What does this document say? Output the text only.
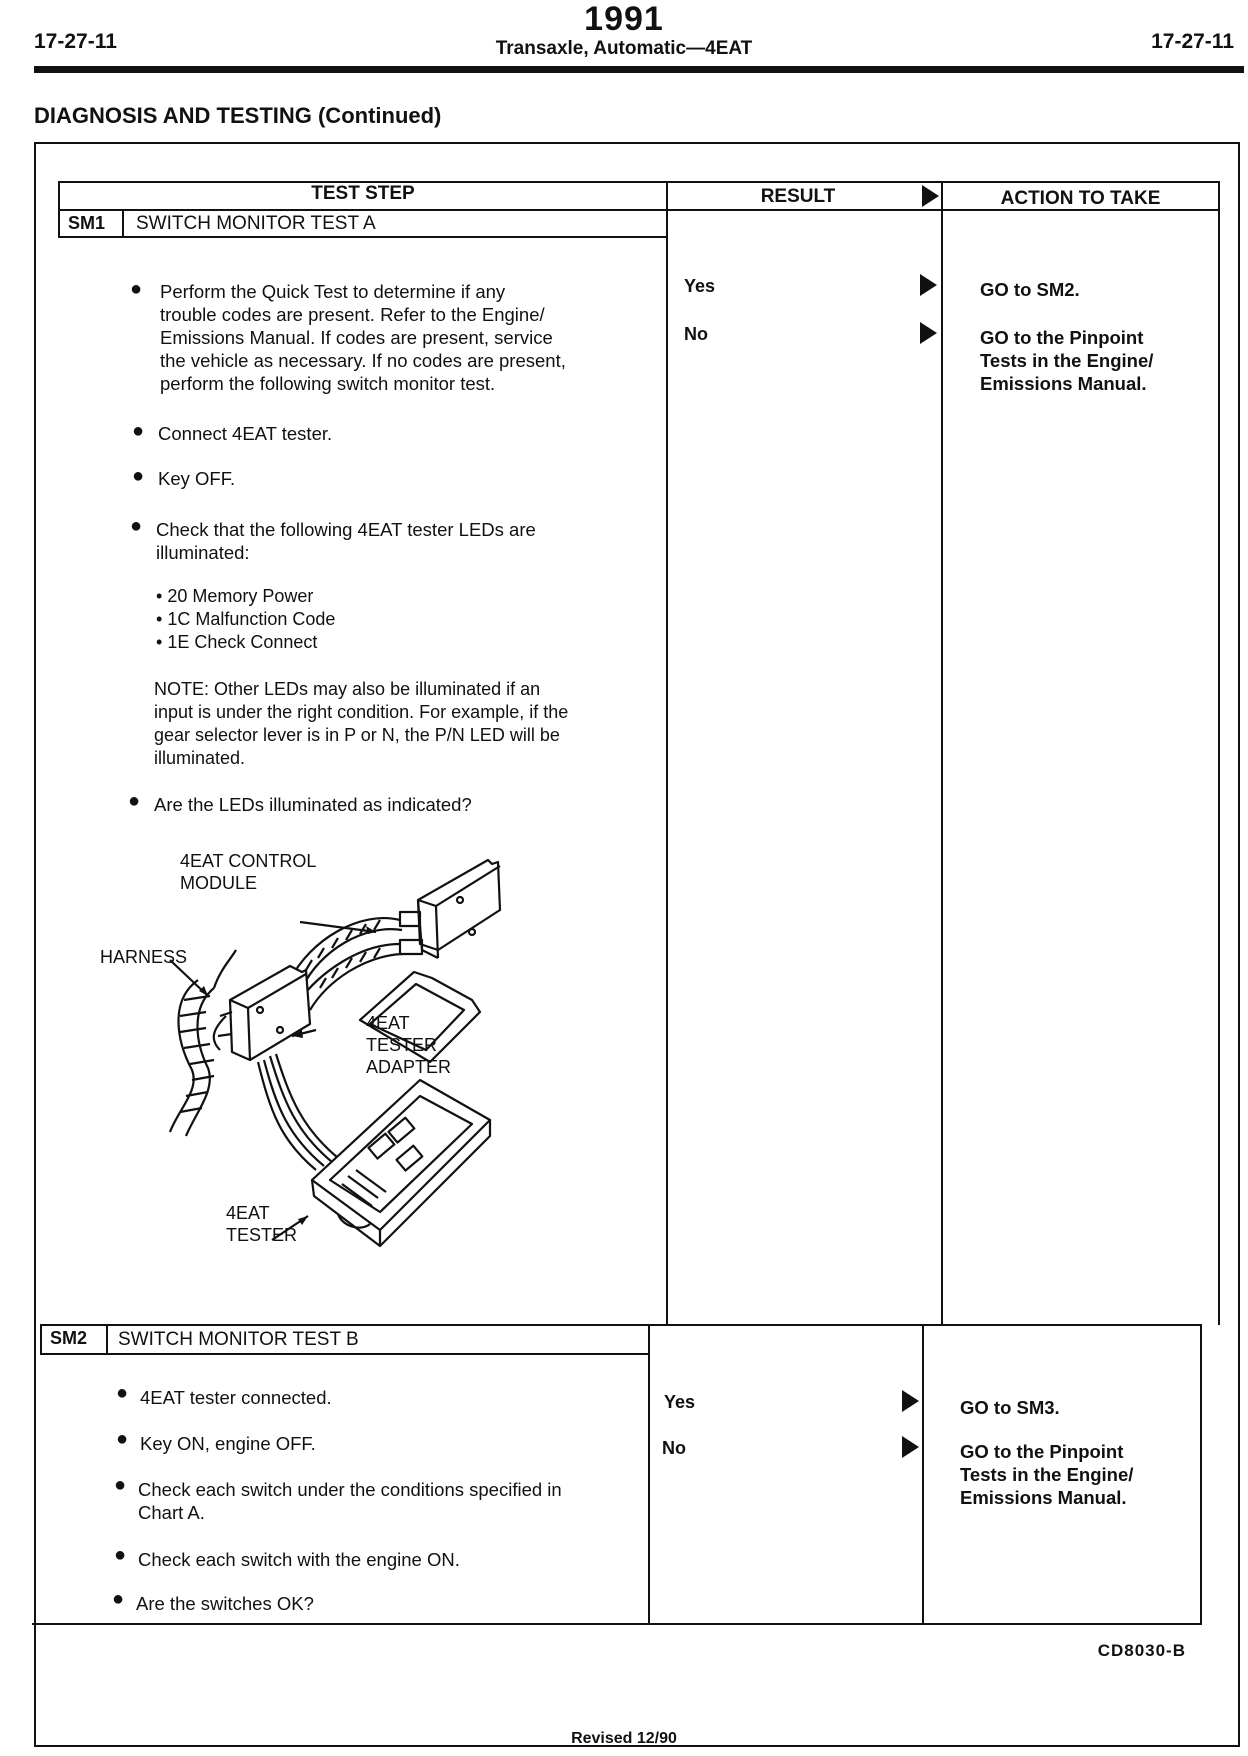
17-27-11
1991
Transaxle, Automatic—4EAT	17-27-11
DIAGNOSIS AND TESTING (Continued)
TEST STEP	RESULT	ACTION TO TAKE
SM1 SWITCH MONITOR TEST A
● Perform the Quick Test to determine if any
trouble codes are present. Refer to the Engine/
Emissions Manual. If codes are present, service
the vehicle as necessary. If no codes are present,
perform the following switch monitor test.
● Connect 4EAT tester.
● Key OFF.
● Check that the following 4EAT tester LEDs are
illuminated:
• 20 Memory Power
• 1C Malfunction Code
• 1E Check Connect
NOTE: Other LEDs may also be illuminated if an
input is under the right condition. For example, if the
gear selector lever is in P or N, the P/N LED will be
illuminated.
● Are the LEDs illuminated as indicated?
4EAT CONTROL
MODULE
HARNESS
4EAT
TESTER
ADAPTER
4EAT
TESTER
Yes	GO to SM2.
No	GO to the Pinpoint
Tests in the Engine/
Emissions Manual.
SM2 SWITCH MONITOR TEST B
● 4EAT tester connected.
● Key ON, engine OFF.
● Check each switch under the conditions specified in
Chart A.
● Check each switch with the engine ON.
● Are the switches OK?
Yes	GO to SM3.
No	GO to the Pinpoint
Tests in the Engine/
Emissions Manual.
CD8030-B
Revised 12/90
